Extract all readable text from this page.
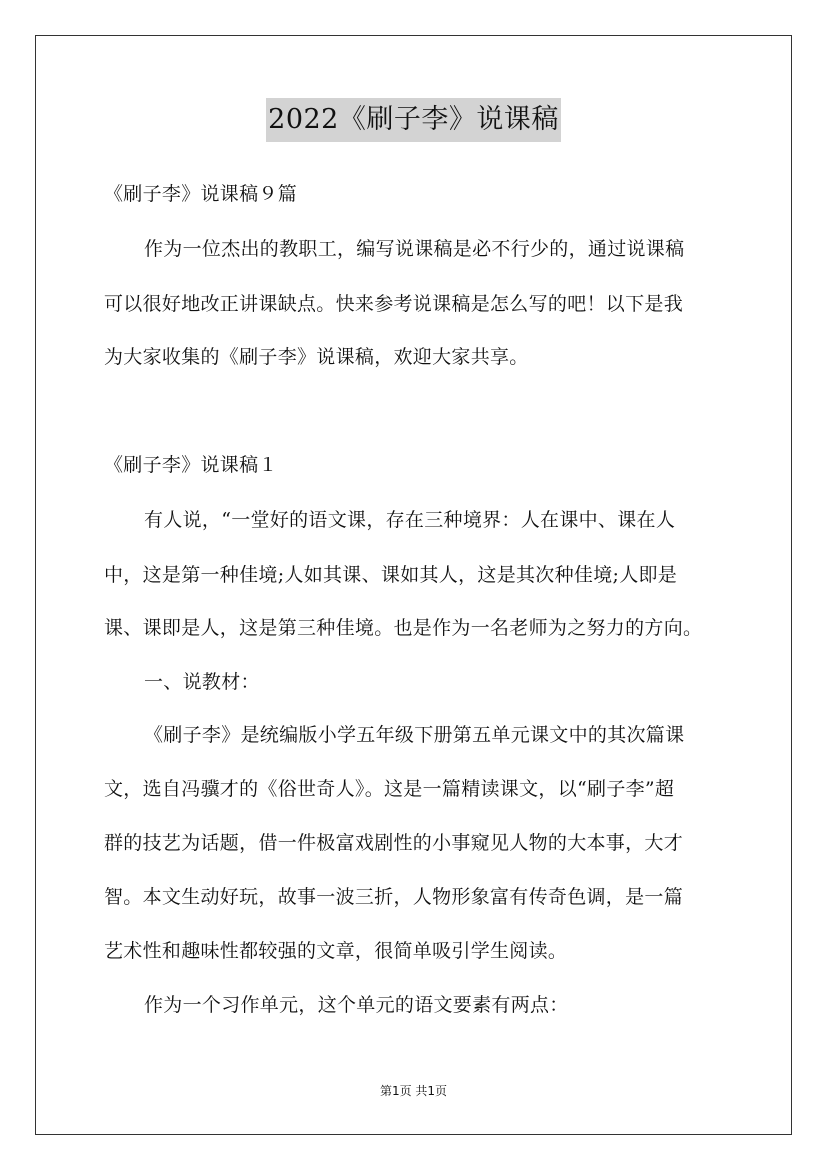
2022《刷子李》说课稿
《刷子李》说课稿９篇
作为一位杰出的教职工，编写说课稿是必不行少的，通过说课稿
可以很好地改正讲课缺点。快来参考说课稿是怎么写的吧！以下是我
为大家收集的《刷子李》说课稿，欢迎大家共享。
《刷子李》说课稿１
有人说，“一堂好的语文课，存在三种境界：人在课中、课在人
中，这是第一种佳境;人如其课、课如其人，这是其次种佳境;人即是
课、课即是人，这是第三种佳境。也是作为一名老师为之努力的方向。
一、说教材：
《刷子李》是统编版小学五年级下册第五单元课文中的其次篇课
文，选自冯骥才的《俗世奇人》。这是一篇精读课文，以“刷子李”超
群的技艺为话题，借一件极富戏剧性的小事窥见人物的大本事，大才
智。本文生动好玩，故事一波三折，人物形象富有传奇色调，是一篇
艺术性和趣味性都较强的文章，很简单吸引学生阅读。
作为一个习作单元，这个单元的语文要素有两点：
第1页 共1页
